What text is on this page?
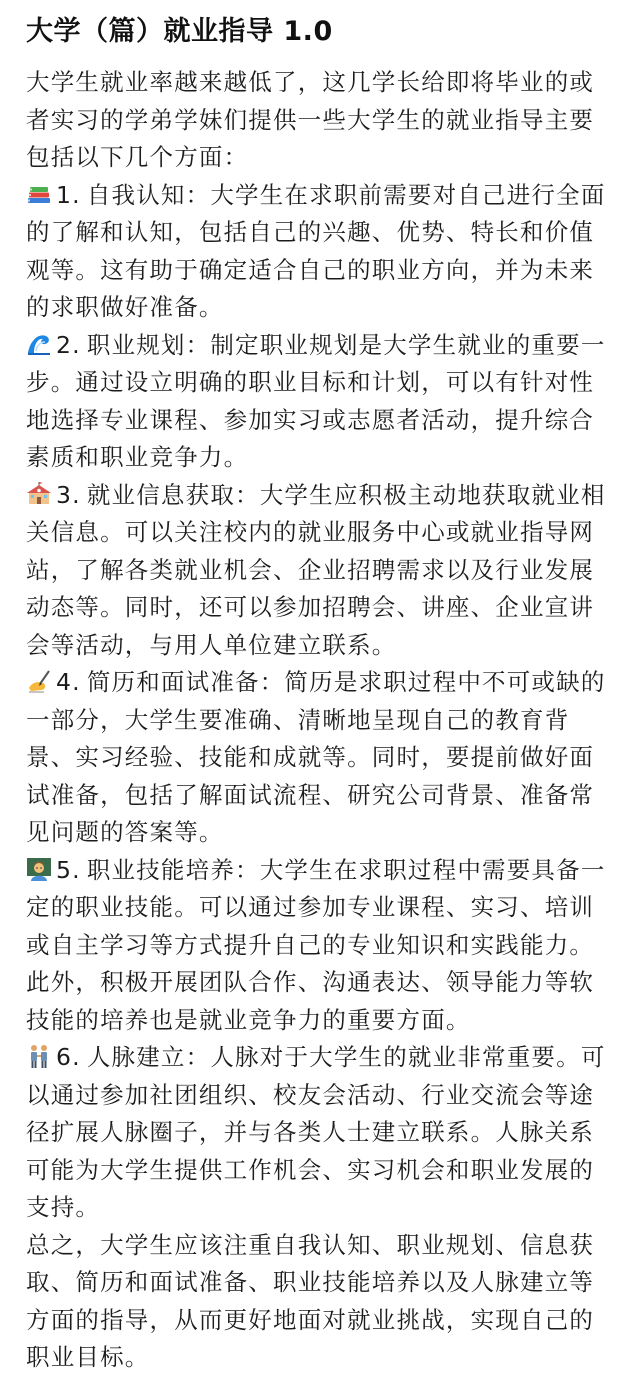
大学（篇）就业指导 1.0

大学生就业率越来越低了，这几学长给即将毕业的或者实习的学弟学妹们提供一些大学生的就业指导主要包括以下几个方面：

1. 自我认知：大学生在求职前需要对自己进行全面的了解和认知，包括自己的兴趣、优势、特长和价值观等。这有助于确定适合自己的职业方向，并为未来的求职做好准备。

2. 职业规划：制定职业规划是大学生就业的重要一步。通过设立明确的职业目标和计划，可以有针对性地选择专业课程、参加实习或志愿者活动，提升综合素质和职业竞争力。

3. 就业信息获取：大学生应积极主动地获取就业相关信息。可以关注校内的就业服务中心或就业指导网站，了解各类就业机会、企业招聘需求以及行业发展动态等。同时，还可以参加招聘会、讲座、企业宣讲会等活动，与用人单位建立联系。

4. 简历和面试准备：简历是求职过程中不可或缺的一部分，大学生要准确、清晰地呈现自己的教育背景、实习经验、技能和成就等。同时，要提前做好面试准备，包括了解面试流程、研究公司背景、准备常见问题的答案等。

5. 职业技能培养：大学生在求职过程中需要具备一定的职业技能。可以通过参加专业课程、实习、培训或自主学习等方式提升自己的专业知识和实践能力。此外，积极开展团队合作、沟通表达、领导能力等软技能的培养也是就业竞争力的重要方面。

6. 人脉建立：人脉对于大学生的就业非常重要。可以通过参加社团组织、校友会活动、行业交流会等途径扩展人脉圈子，并与各类人士建立联系。人脉关系可能为大学生提供工作机会、实习机会和职业发展的支持。

总之，大学生应该注重自我认知、职业规划、信息获取、简历和面试准备、职业技能培养以及人脉建立等方面的指导，从而更好地面对就业挑战，实现自己的职业目标。
